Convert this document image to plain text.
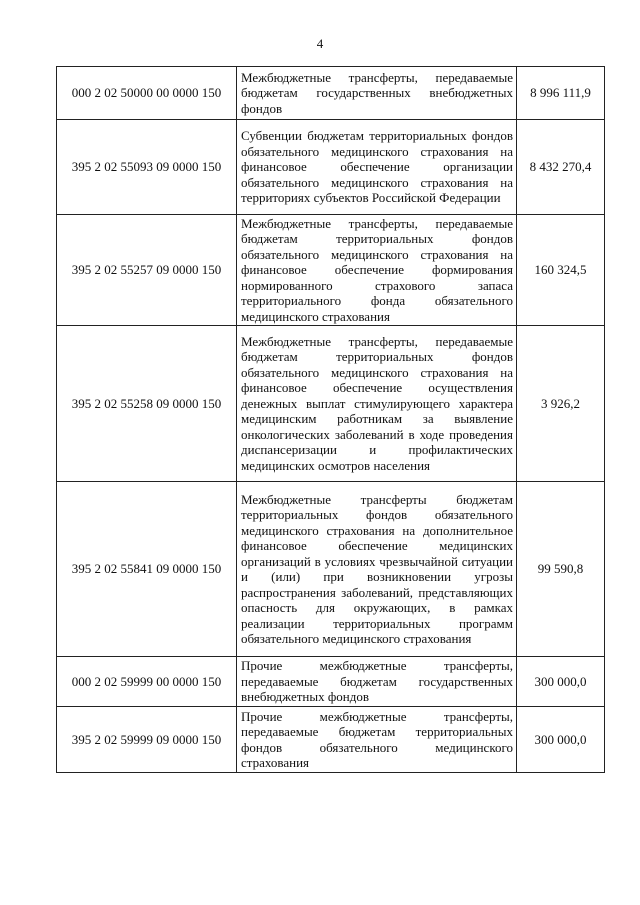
4
000 2 02 50000 00 0000 150	Межбюджетные трансферты, передаваемые бюджетам государственных внебюджетных фондов	8 996 111,9
395 2 02 55093 09 0000 150	Субвенции бюджетам территориальных фондов обязательного медицинского страхования на финансовое обеспечение организации обязательного медицинского страхования на территориях субъектов Российской Федерации	8 432 270,4
395 2 02 55257 09 0000 150	Межбюджетные трансферты, передаваемые бюджетам территориальных фондов обязательного медицинского страхования на финансовое обеспечение формирования нормированного страхового запаса территориального фонда обязательного медицинского страхования	160 324,5
395 2 02 55258 09 0000 150	Межбюджетные трансферты, передаваемые бюджетам территориальных фондов обязательного медицинского страхования на финансовое обеспечение осуществления денежных выплат стимулирующего характера медицинским работникам за выявление онкологических заболеваний в ходе проведения диспансеризации и профилактических медицинских осмотров населения	3 926,2
395 2 02 55841 09 0000 150	Межбюджетные трансферты бюджетам территориальных фондов обязательного медицинского страхования на дополнительное финансовое обеспечение медицинских организаций в условиях чрезвычайной ситуации и (или) при возникновении угрозы распространения заболеваний, представляющих опасность для окружающих, в рамках реализации территориальных программ обязательного медицинского страхования	99 590,8
000 2 02 59999 00 0000 150	Прочие межбюджетные трансферты, передаваемые бюджетам государственных внебюджетных фондов	300 000,0
395 2 02 59999 09 0000 150	Прочие межбюджетные трансферты, передаваемые бюджетам территориальных фондов обязательного медицинского страхования	300 000,0
